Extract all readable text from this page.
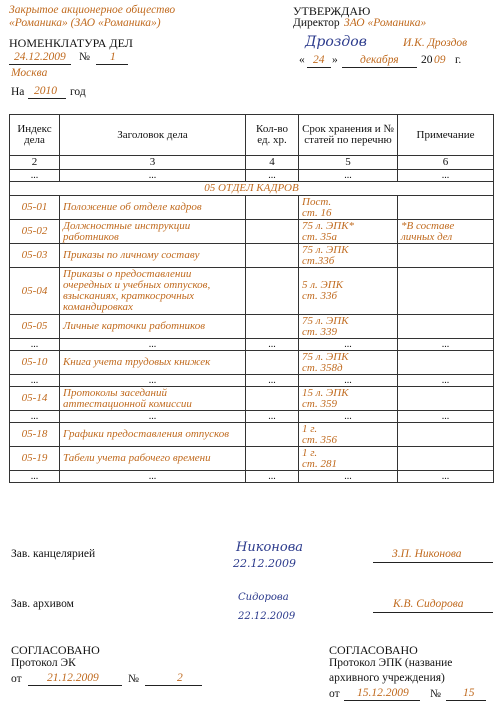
Закрытое акционерное общество
«Романика» (ЗАО «Романика»)
НОМЕНКЛАТУРА ДЕЛ
24.12.2009 № 1
Москва
На 2010 год
УТВЕРЖДАЮ
Директор ЗАО «Романика»
Дроздов	И.К. Дроздов
« 24 » декабря 20 09 г.
Индекс дела	Заголовок дела	Кол-во ед. хр.	Срок хранения и № статей по перечню	Примечание
2	3	4	5	6
...	...	...	...	...
05 ОТДЕЛ КАДРОВ				
05-01	Положение об отделе кадров		Пост.
ст. 16	
05-02	Должностные инструкции работников		75 л. ЭПК*
ст. 35а	*В составе личных дел
05-03	Приказы по личному составу		75 л. ЭПК
ст.33б	
05-04	Приказы о предоставлении очередных и учебных отпусков, взысканиях, краткосрочных командировках		5 л. ЭПК
ст. 33б	
05-05	Личные карточки работников		75 л. ЭПК
ст. 339	
...	...	...	...	...
05-10	Книга учета трудовых книжек		75 л. ЭПК
ст. 358д	
...	...	...	...	...
05-14	Протоколы заседаний аттестационной комиссии		15 л. ЭПК
ст. 359	
...	...	...	...	...
05-18	Графики предоставления отпусков		1 г.
ст. 356	
05-19	Табели учета рабочего времени		1 г.
ст. 281	
...	...	...	...	...
Зав. канцелярией	Никонова
22.12.2009
З.П. Никонова
Зав. архивом
Сидорова
22.12.2009
К.В. Сидорова
СОГЛАСОВАНО
Протокол ЭК
от 21.12.2009	№	2
СОГЛАСОВАНО
Протокол ЭПК (название
архивного учреждения)
от 15.12.2009 № 15
